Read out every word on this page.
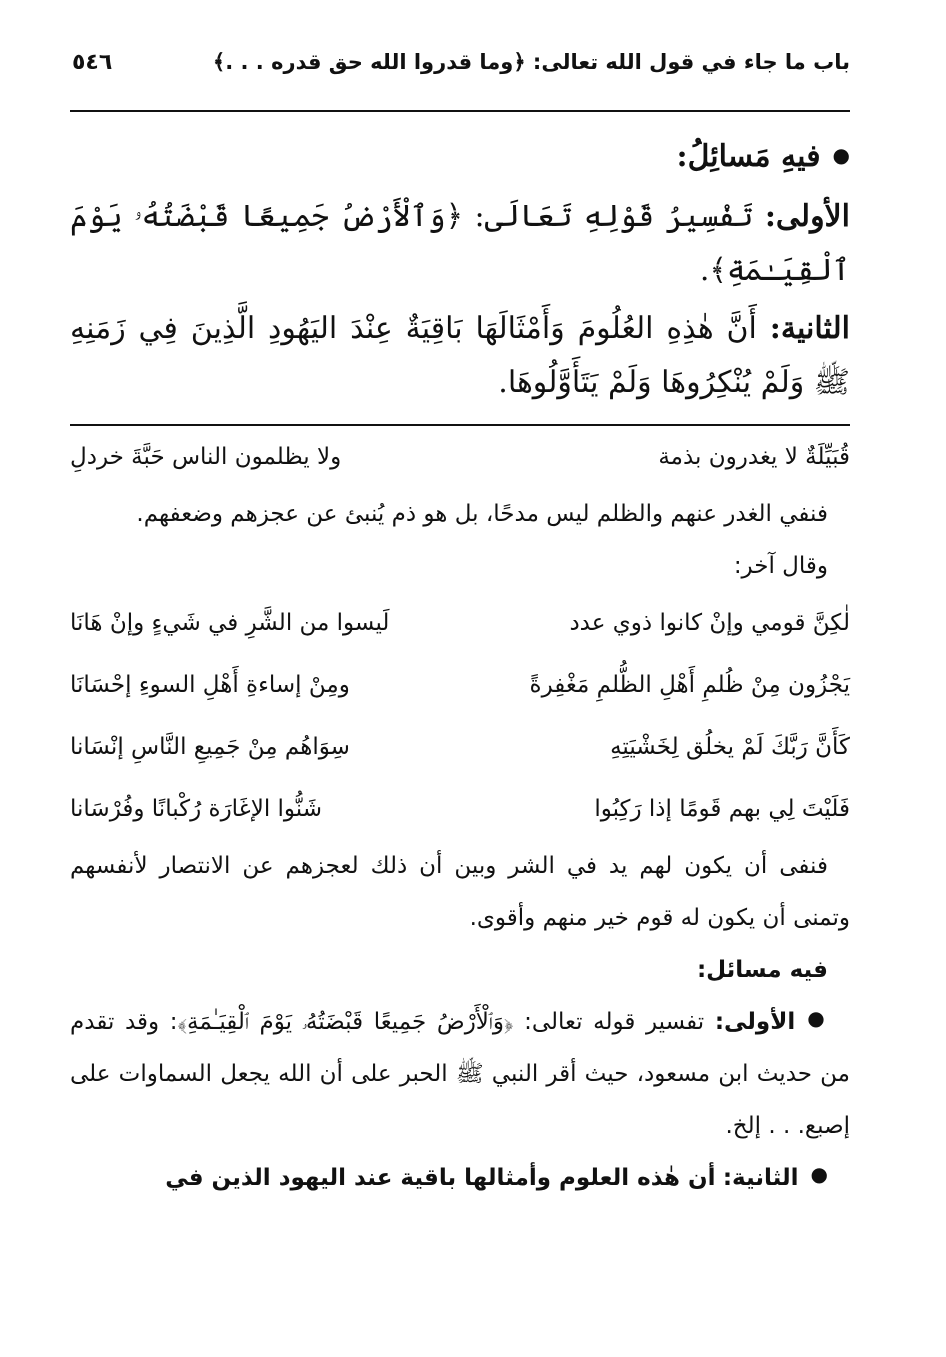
باب ما جاء في قول الله تعالى: ﴿وما قدروا الله حق قدره . . .﴾
٥٤٦

● فيهِ مَسائِلُ:

الأولى: تَفْسِيرُ قَوْلِهِ تَعَالَى: ﴿وَٱلْأَرْضُ جَمِيعًا قَبْضَتُهُۥ يَوْمَ ٱلْقِيَـٰمَةِ﴾.

الثانية: أَنَّ هٰذِهِ العُلُومَ وَأَمْثَالَهَا بَاقِيَةٌ عِنْدَ اليَهُودِ الَّذِينَ فِي زَمَنِهِ ﷺ وَلَمْ يُنْكِرُوهَا وَلَمْ يَتَأَوَّلُوهَا.

قُبَيِّلَةٌ لا يغدرون بذمة
ولا يظلمون الناس حَبَّةَ خردلِ

فنفي الغدر عنهم والظلم ليس مدحًا، بل هو ذم يُنبئ عن عجزهم وضعفهم.

وقال آخر:

لٰكِنَّ قومي وإنْ كانوا ذوي عدد
لَيسوا من الشَّرِ في شَيءٍ وإنْ هَانَا
يَجْزُون مِنْ ظُلمِ أَهْلِ الظُّلمِ مَغْفِرةً
ومِنْ إساءةِ أَهْلِ السوءِ إحْسَانَا
كَأَنَّ رَبَّكَ لَمْ يخلُق لِخَشْيَتِهِ
سِوَاهُم مِنْ جَمِيعِ النَّاسِ إنْسَانا
فَلَيْتَ لِي بهم قَومًا إذا رَكِبُوا
شَنُّوا الإغَارَة رُكْبانًا وفُرْسَانا

فنفى أن يكون لهم يد في الشر وبين أن ذلك لعجزهم عن الانتصار لأنفسهم وتمنى أن يكون له قوم خير منهم وأقوى.

فيه مسائل:

● الأولى: تفسير قوله تعالى: ﴿وَٱلْأَرْضُ جَمِيعًا قَبْضَتُهُۥ يَوْمَ ٱلْقِيَـٰمَةِ﴾: وقد تقدم من حديث ابن مسعود، حيث أقر النبي ﷺ الحبر على أن الله يجعل السماوات على إصبع. . . إلخ.

● الثانية: أن هٰذه العلوم وأمثالها باقية عند اليهود الذين في
